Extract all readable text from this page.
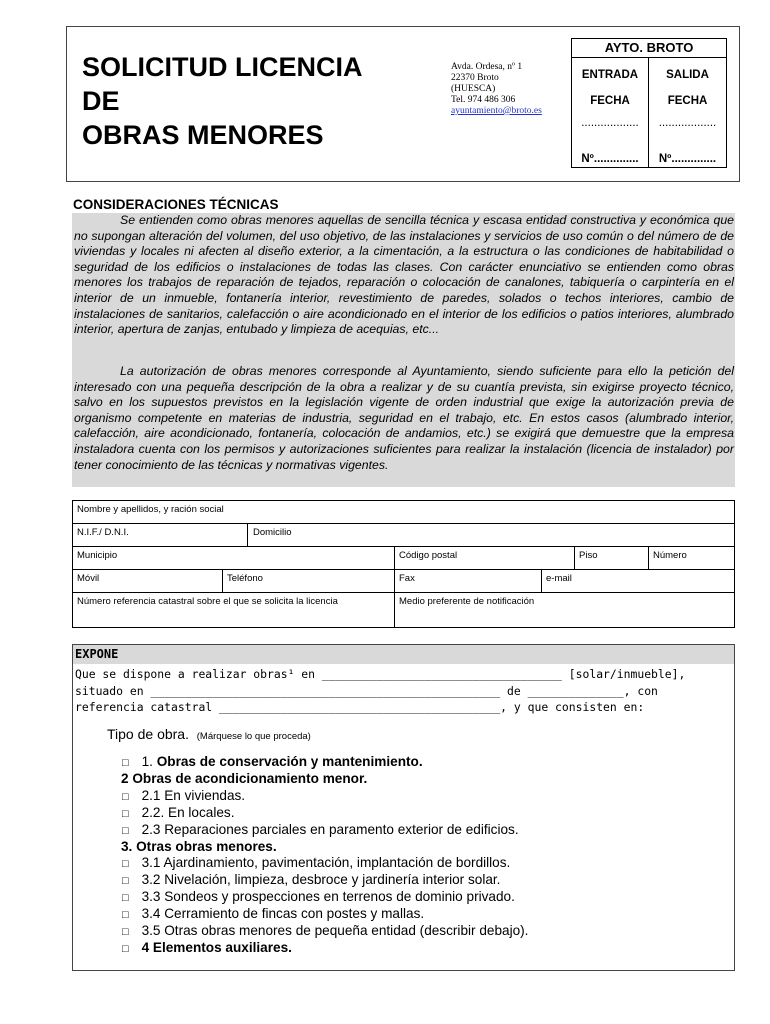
SOLICITUD LICENCIA
DE
OBRAS MENORES
Avda. Ordesa, nº 1
22370 Broto
(HUESCA)
Tel. 974 486 306
ayuntamiento@broto.es
AYTO. BROTO
ENTRADA	SALIDA
FECHA	FECHA
..................	..................
Nº..............	Nº..............
CONSIDERACIONES TÉCNICAS
Se entienden como obras menores aquellas de sencilla técnica y escasa entidad constructiva y económica que no supongan alteración del volumen, del uso objetivo, de las instalaciones y servicios de uso común o del número de de viviendas y locales ni afecten al diseño exterior, a la cimentación, a la estructura o las condiciones de habitabilidad o seguridad de los edificios o instalaciones de todas las clases. Con carácter enunciativo se entienden como obras menores los trabajos de reparación de tejados, reparación o colocación de canalones, tabiquería o carpintería en el interior de un inmueble, fontanería interior, revestimiento de paredes, solados o techos interiores, cambio de instalaciones de sanitarios, calefacción o aire acondicionado en el interior de los edificios o patios interiores, alumbrado interior, apertura de zanjas, entubado y limpieza de acequias, etc...
La autorización de obras menores corresponde al Ayuntamiento, siendo suficiente para ello la petición del interesado con una pequeña descripción de la obra a realizar y de su cuantía prevista, sin exigirse proyecto técnico, salvo en los supuestos previstos en la legislación vigente de orden industrial que exige la autorización previa de organismo competente en materias de industria, seguridad en el trabajo, etc. En estos casos (alumbrado interior, calefacción, aire acondicionado, fontanería, colocación de andamios, etc.) se exigirá que demuestre que la empresa instaladora cuenta con los permisos y autorizaciones suficientes para realizar la instalación (licencia de instalador) por tener conocimiento de las técnicas y normativas vigentes.
Nombre y apellidos, y ración social
N.I.F./ D.N.I.	Domicilio
Municipio	Código postal	Piso	Número
Móvil	Teléfono	Fax	e-mail
Número referencia catastral sobre el que se solicita la licencia	Medio preferente de notificación
EXPONE
Que se dispone a realizar obras¹ en ___________________________________ [solar/inmueble],
situado en ___________________________________________________ de ______________, con
referencia catastral _________________________________________, y que consisten en:
Tipo de obra. (Márquese lo que proceda)
□ 1. Obras de conservación y mantenimiento.
2 Obras de acondicionamiento menor.
□ 2.1 En viviendas.
□ 2.2. En locales.
□ 2.3 Reparaciones parciales en paramento exterior de edificios.
3. Otras obras menores.
□ 3.1 Ajardinamiento, pavimentación, implantación de bordillos.
□ 3.2 Nivelación, limpieza, desbroce y jardinería interior solar.
□ 3.3 Sondeos y prospecciones en terrenos de dominio privado.
□ 3.4 Cerramiento de fincas con postes y mallas.
□ 3.5 Otras obras menores de pequeña entidad (describir debajo).
□ 4 Elementos auxiliares.
